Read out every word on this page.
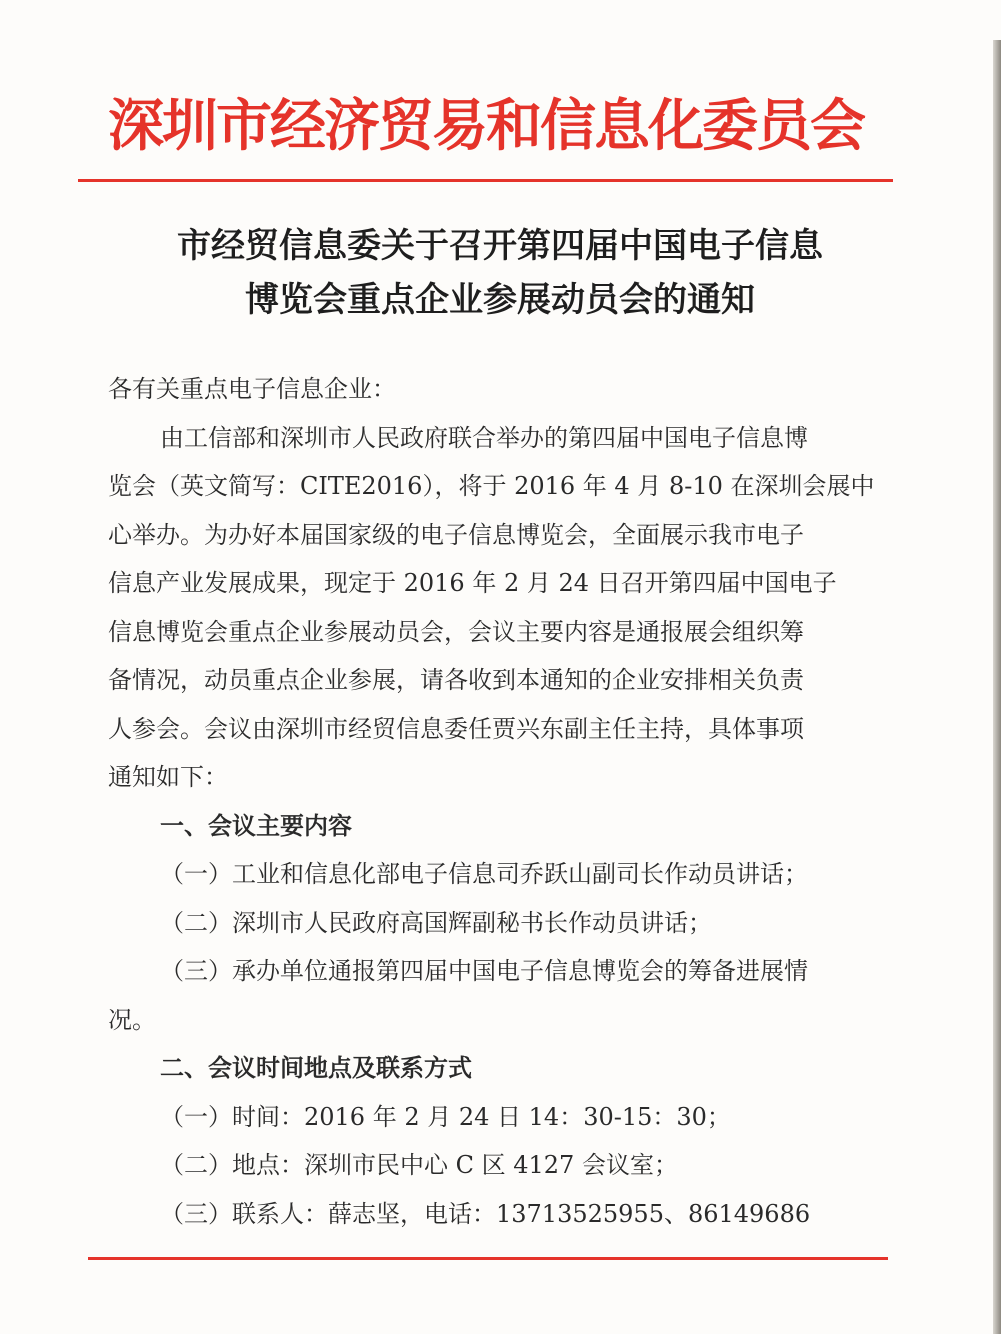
深圳市经济贸易和信息化委员会
市经贸信息委关于召开第四届中国电子信息
博览会重点企业参展动员会的通知
各有关重点电子信息企业：
由工信部和深圳市人民政府联合举办的第四届中国电子信息博
览会（英文简写：CITE2016），将于 2016 年 4 月 8-10 在深圳会展中
心举办。为办好本届国家级的电子信息博览会，全面展示我市电子
信息产业发展成果，现定于 2016 年 2 月 24 日召开第四届中国电子
信息博览会重点企业参展动员会，会议主要内容是通报展会组织筹
备情况，动员重点企业参展，请各收到本通知的企业安排相关负责
人参会。会议由深圳市经贸信息委任贾兴东副主任主持，具体事项
通知如下：
一、会议主要内容
（一）工业和信息化部电子信息司乔跃山副司长作动员讲话；
（二）深圳市人民政府高国辉副秘书长作动员讲话；
（三）承办单位通报第四届中国电子信息博览会的筹备进展情
况。
二、会议时间地点及联系方式
（一）时间：2016 年 2 月 24 日 14：30-15：30；
（二）地点：深圳市民中心 C 区 4127 会议室；
（三）联系人：薛志坚，电话：13713525955、86149686
